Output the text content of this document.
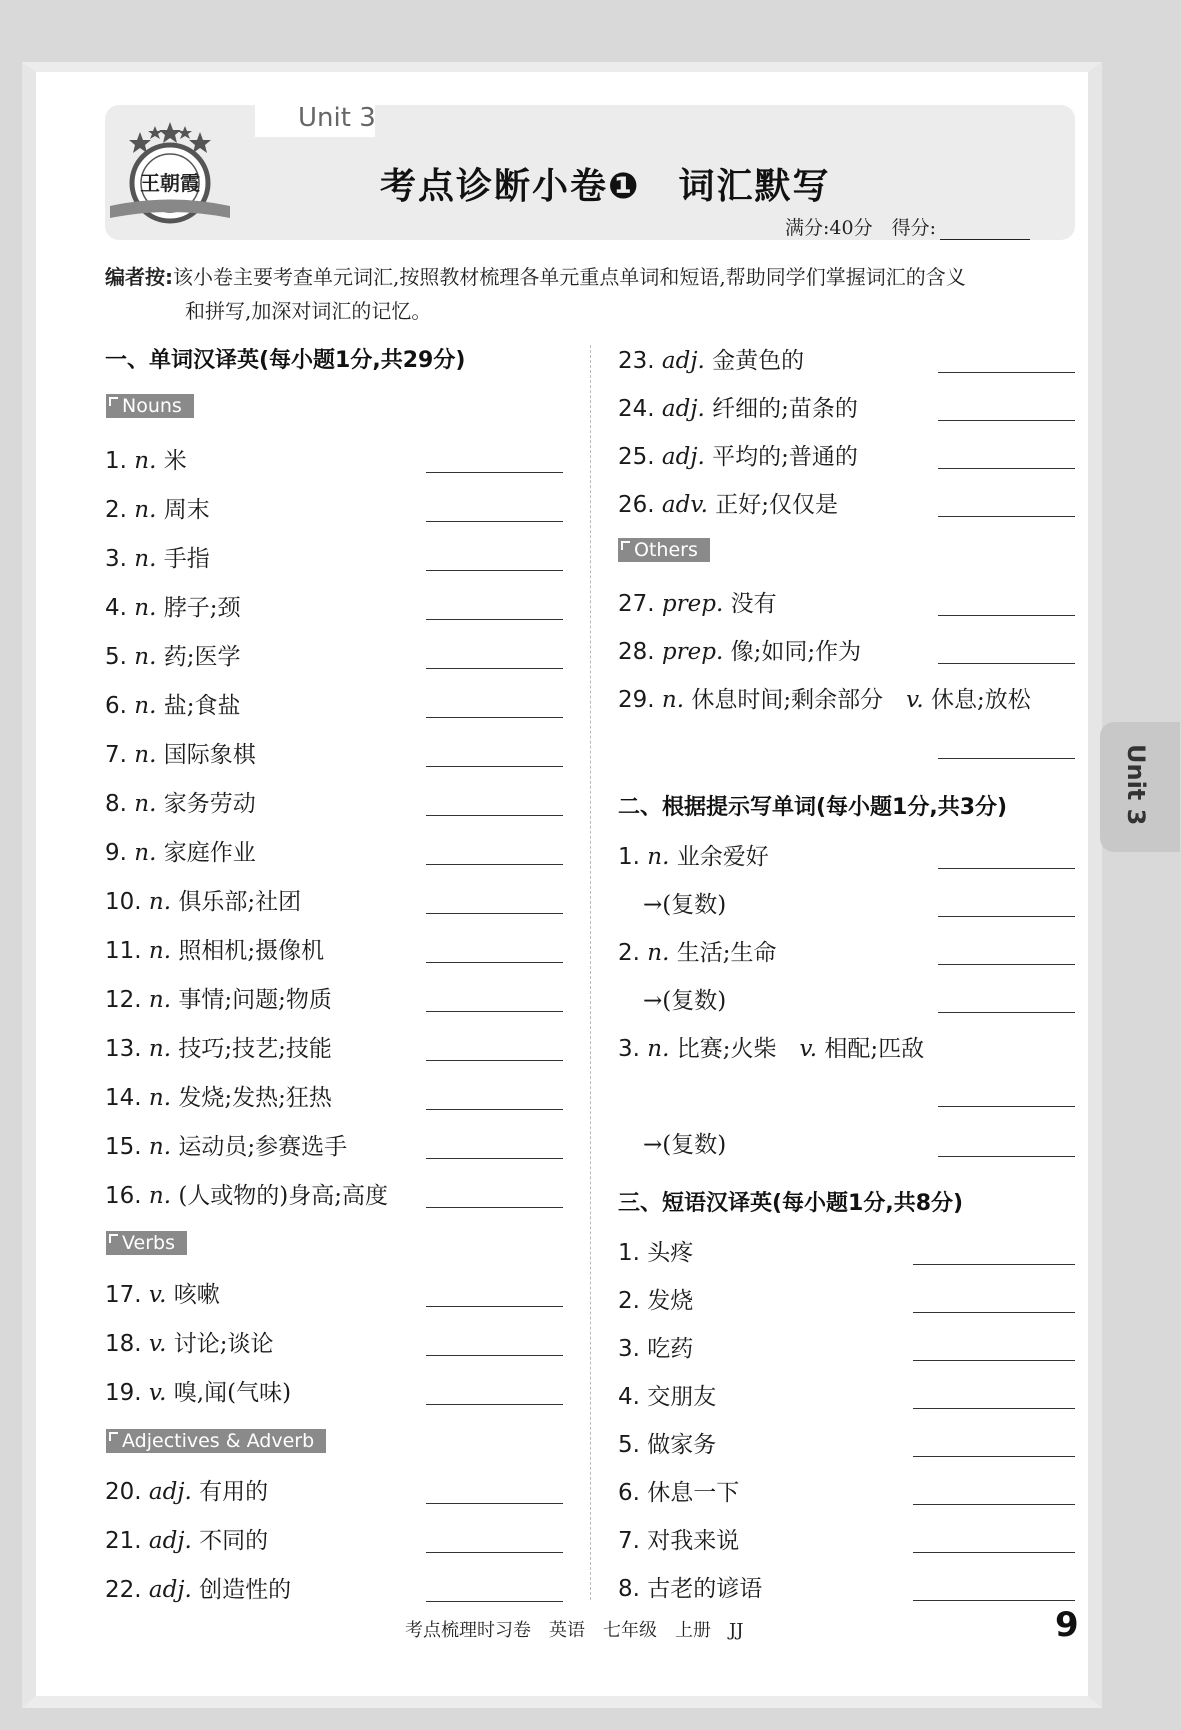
Unit 3
王朝霞	考点诊断小卷❶　词汇默写
满分:40分　得分:
编者按:该小卷主要考查单元词汇,按照教材梳理各单元重点单词和短语,帮助同学们掌握词汇的含义
和拼写,加深对词汇的记忆。
一、单词汉译英(每小题1分,共29分)
Nouns
Verbs
Adjectives & Adverb
Others
二、根据提示写单词(每小题1分,共3分)
三、短语汉译英(每小题1分,共8分)
1. n. 米
2. n. 周末
3. n. 手指
4. n. 脖子;颈
5. n. 药;医学
6. n. 盐;食盐
7. n. 国际象棋
8. n. 家务劳动
9. n. 家庭作业
10. n. 俱乐部;社团
11. n. 照相机;摄像机
12. n. 事情;问题;物质
13. n. 技巧;技艺;技能
14. n. 发烧;发热;狂热
15. n. 运动员;参赛选手
16. n. (人或物的)身高;高度
17. v. 咳嗽
18. v. 讨论;谈论
19. v. 嗅,闻(气味)
20. adj. 有用的
21. adj. 不同的
22. adj. 创造性的
23. adj. 金黄色的
24. adj. 纤细的;苗条的
25. adj. 平均的;普通的
26. adv. 正好;仅仅是
27. prep. 没有
28. prep. 像;如同;作为
29. n. 休息时间;剩余部分 v. 休息;放松
1. n. 业余爱好
→(复数)
2. n. 生活;生命
→(复数)
3. n. 比赛;火柴 v. 相配;匹敌
→(复数)
1. 头疼
2. 发烧
3. 吃药
4. 交朋友
5. 做家务
6. 休息一下
7. 对我来说
8. 古老的谚语
Unit 3
考点梳理时习卷　英语　七年级　上册　JJ	9
